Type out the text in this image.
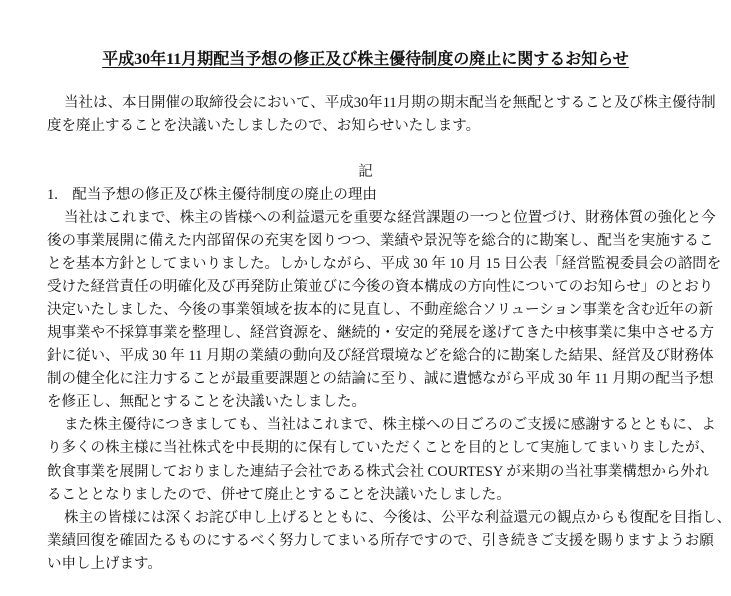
平成30年11月期配当予想の修正及び株主優待制度の廃止に関するお知らせ
当社は、本日開催の取締役会において、平成30年11月期の期末配当を無配とすること及び株主優待制
度を廃止することを決議いたしましたので、お知らせいたします。
記
1.　配当予想の修正及び株主優待制度の廃止の理由
当社はこれまで、株主の皆様への利益還元を重要な経営課題の一つと位置づけ、財務体質の強化と今
後の事業展開に備えた内部留保の充実を図りつつ、業績や景況等を総合的に勘案し、配当を実施するこ
とを基本方針としてまいりました。しかしながら、平成 30 年 10 月 15 日公表「経営監視委員会の諮問を
受けた経営責任の明確化及び再発防止策並びに今後の資本構成の方向性についてのお知らせ」のとおり
決定いたしました、今後の事業領域を抜本的に見直し、不動産総合ソリューション事業を含む近年の新
規事業や不採算事業を整理し、経営資源を、継続的・安定的発展を遂げてきた中核事業に集中させる方
針に従い、平成 30 年 11 月期の業績の動向及び経営環境などを総合的に勘案した結果、経営及び財務体
制の健全化に注力することが最重要課題との結論に至り、誠に遺憾ながら平成 30 年 11 月期の配当予想
を修正し、無配とすることを決議いたしました。
また株主優待につきましても、当社はこれまで、株主様への日ごろのご支援に感謝するとともに、よ
り多くの株主様に当社株式を中長期的に保有していただくことを目的として実施してまいりましたが、
飲食事業を展開しておりました連結子会社である株式会社 COURTESY が来期の当社事業構想から外れ
ることとなりましたので、併せて廃止とすることを決議いたしました。
株主の皆様には深くお詫び申し上げるとともに、今後は、公平な利益還元の観点からも復配を目指し、
業績回復を確固たるものにするべく努力してまいる所存ですので、引き続きご支援を賜りますようお願
い申し上げます。
